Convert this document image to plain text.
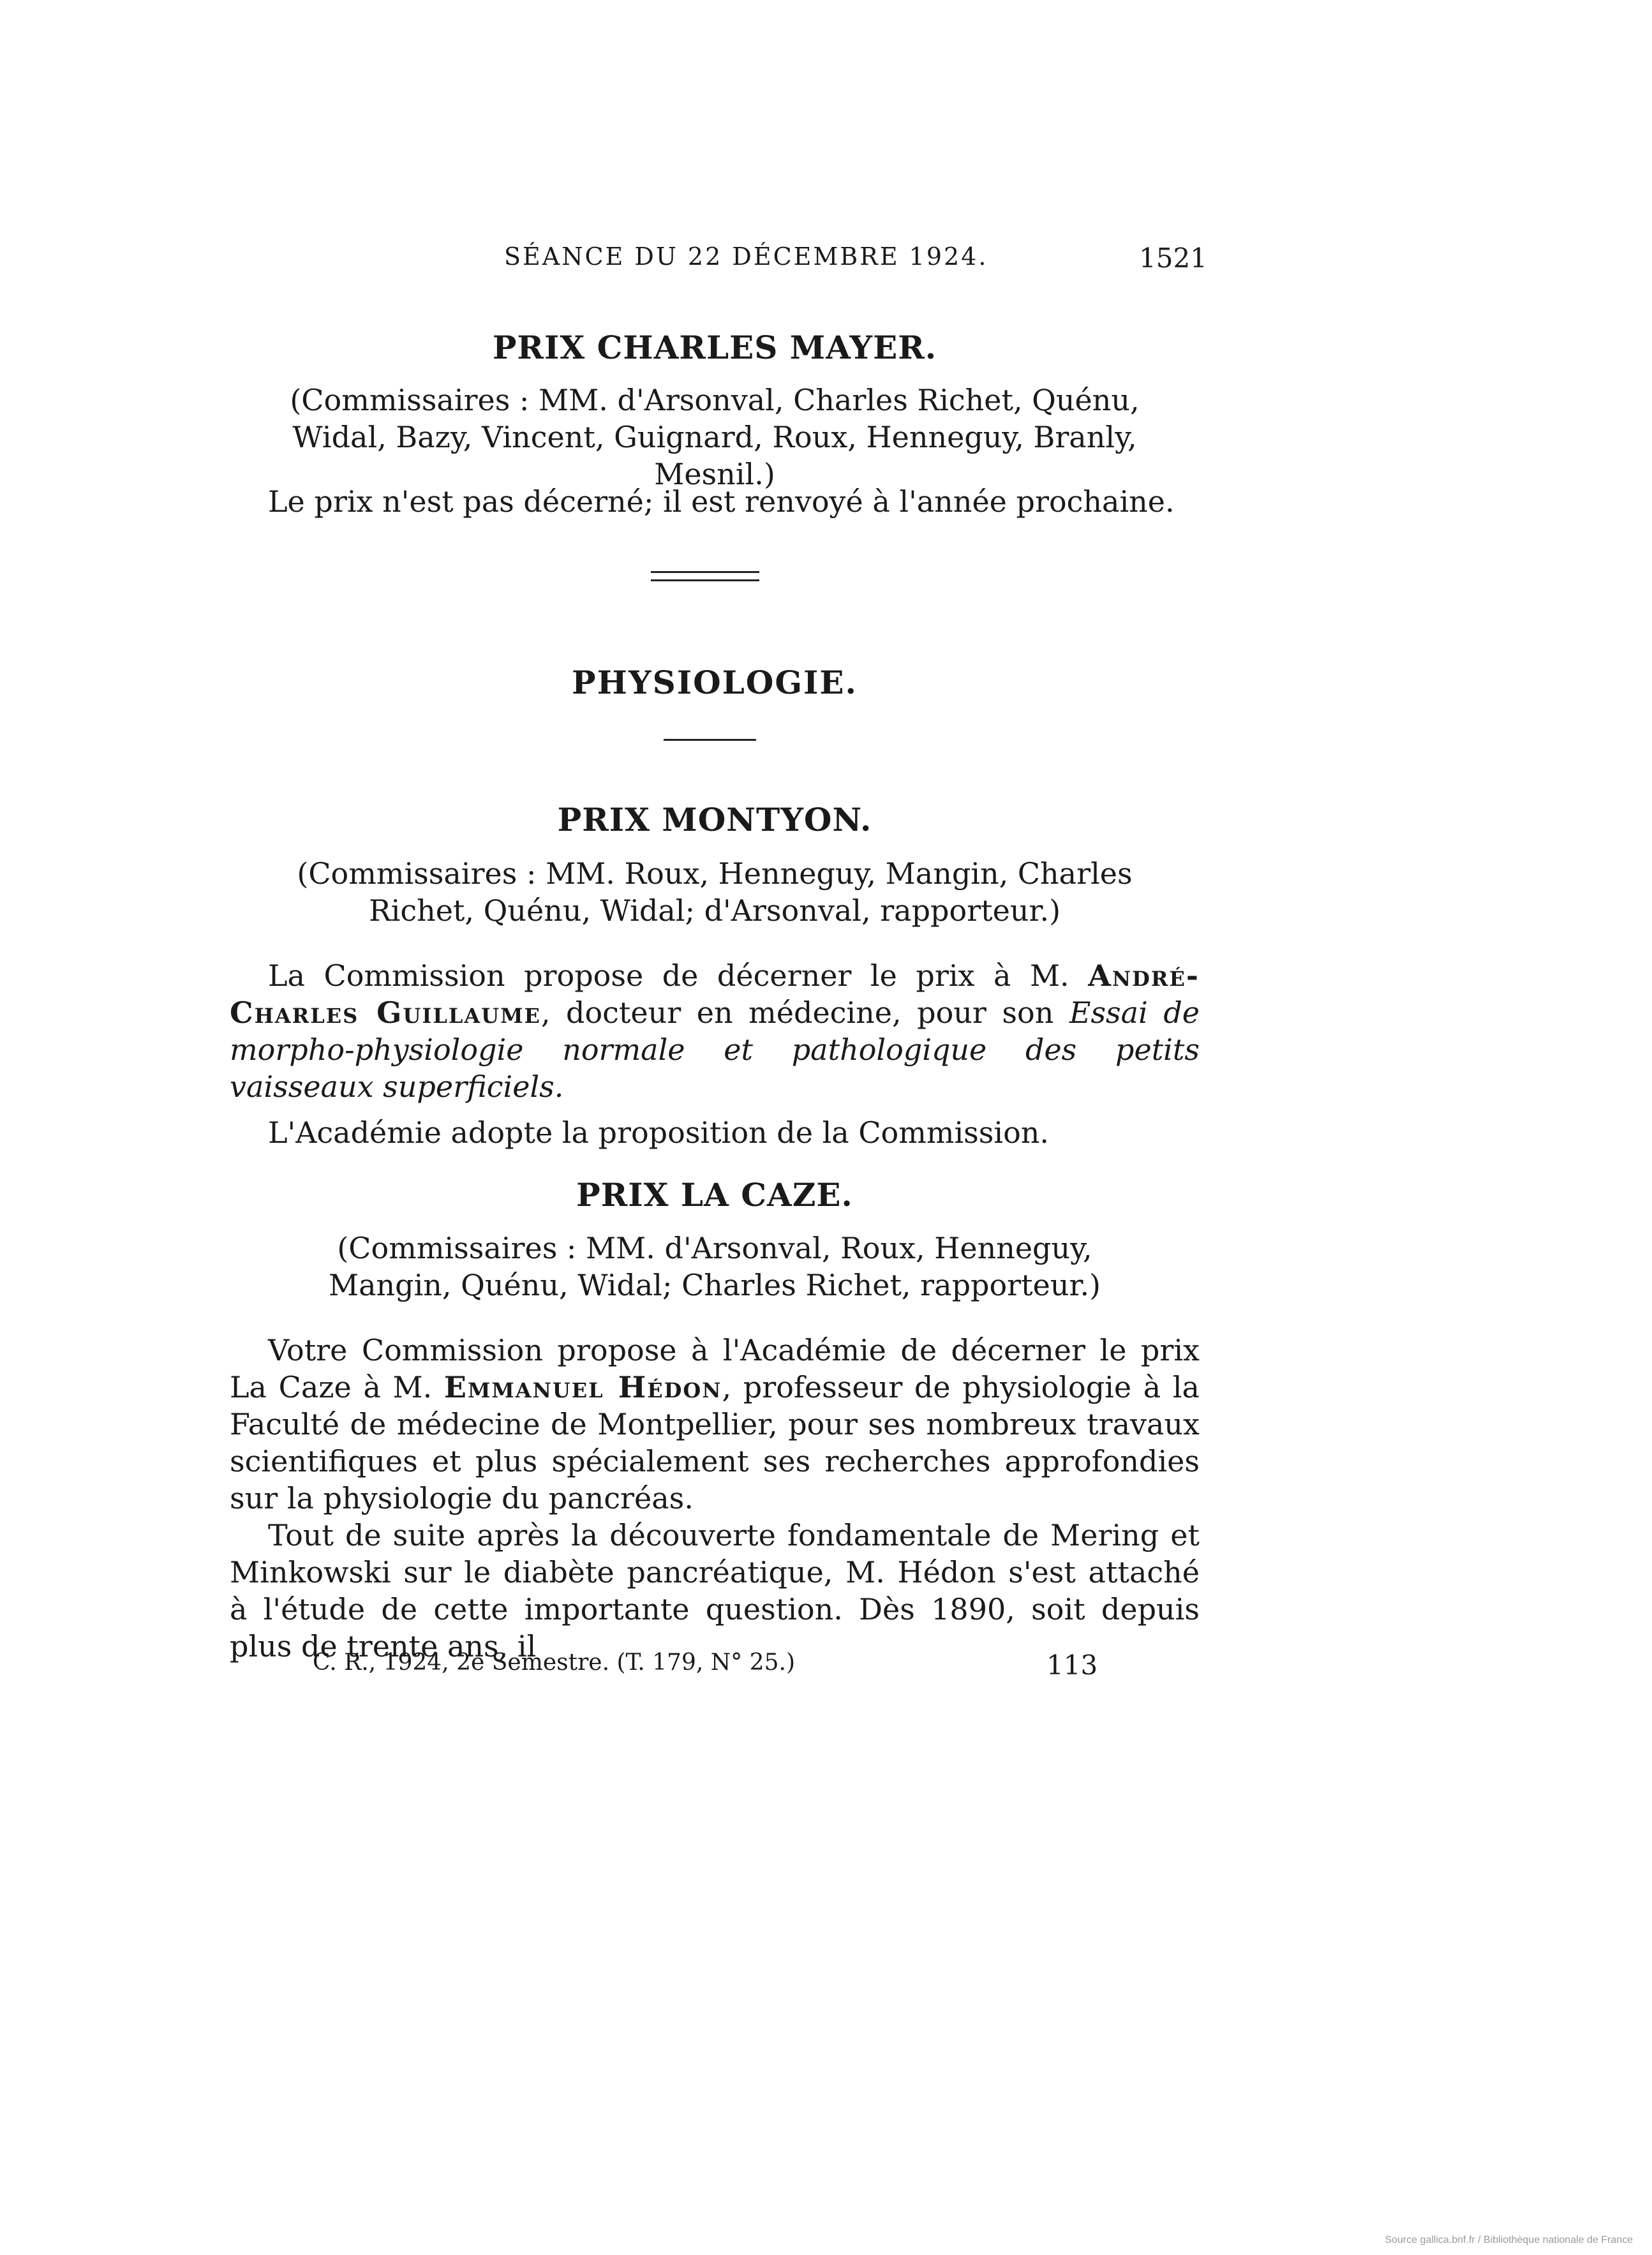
SÉANCE DU 22 DÉCEMBRE 1924.	1521
PRIX CHARLES MAYER.

(Commissaires : MM. d'Arsonval, Charles Richet, Quénu, Widal, Bazy, Vincent, Guignard, Roux, Henneguy, Branly, Mesnil.)

Le prix n'est pas décerné; il est renvoyé à l'année prochaine.

PHYSIOLOGIE.
PRIX MONTYON.

(Commissaires : MM. Roux, Henneguy, Mangin, Charles Richet, Quénu, Widal; d'Arsonval, rapporteur.)

La Commission propose de décerner le prix à M. André-Charles Guillaume, docteur en médecine, pour son Essai de morpho-physiologie normale et pathologique des petits vaisseaux superficiels.

L'Académie adopte la proposition de la Commission.

PRIX LA CAZE.

(Commissaires : MM. d'Arsonval, Roux, Henneguy, Mangin, Quénu, Widal; Charles Richet, rapporteur.)

Votre Commission propose à l'Académie de décerner le prix La Caze à M. Emmanuel Hédon, professeur de physiologie à la Faculté de médecine de Montpellier, pour ses nombreux travaux scientifiques et plus spécialement ses recherches approfondies sur la physiologie du pancréas.

Tout de suite après la découverte fondamentale de Mering et Minkowski sur le diabète pancréatique, M. Hédon s'est attaché à l'étude de cette importante question. Dès 1890, soit depuis plus de trente ans, il

C. R., 1924, 2e Semestre. (T. 179, N° 25.)	113
Source gallica.bnf.fr / Bibliothèque nationale de France
